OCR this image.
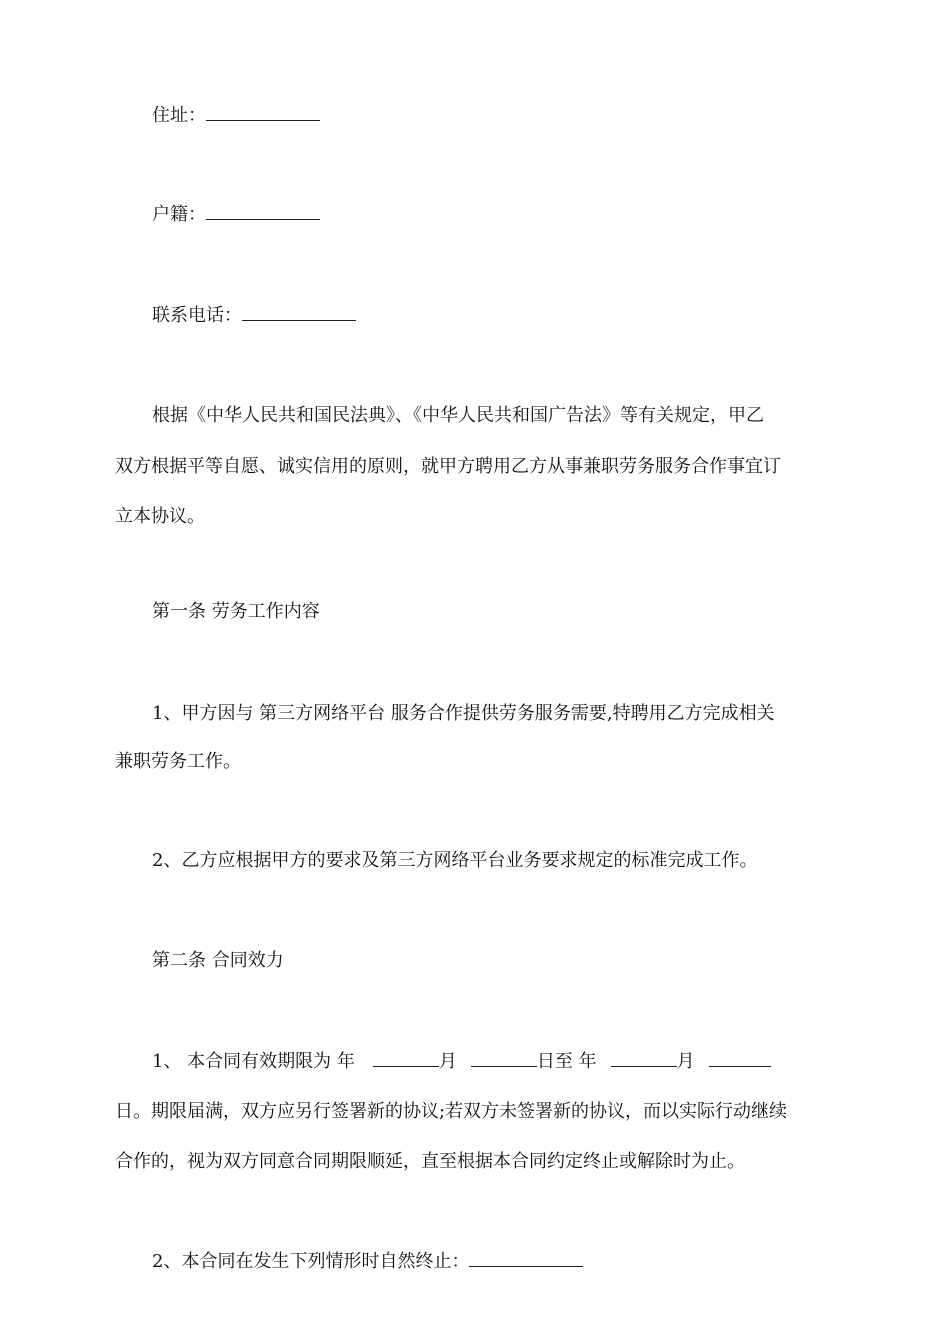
住址：
户籍：
联系电话：
根据《中华人民共和国民法典》、《中华人民共和国广告法》等有关规定，甲乙
双方根据平等自愿、诚实信用的原则，就甲方聘用乙方从事兼职劳务服务合作事宜订
立本协议。
第一条 劳务工作内容
1、甲方因与 第三方网络平台 服务合作提供劳务服务需要,特聘用乙方完成相关
兼职劳务工作。
2、乙方应根据甲方的要求及第三方网络平台业务要求规定的标准完成工作。
第二条 合同效力
1、 本合同有效期限为 年	月	日至 年	月
日。期限届满，双方应另行签署新的协议;若双方未签署新的协议，而以实际行动继续
合作的，视为双方同意合同期限顺延，直至根据本合同约定终止或解除时为止。
2、本合同在发生下列情形时自然终止：
